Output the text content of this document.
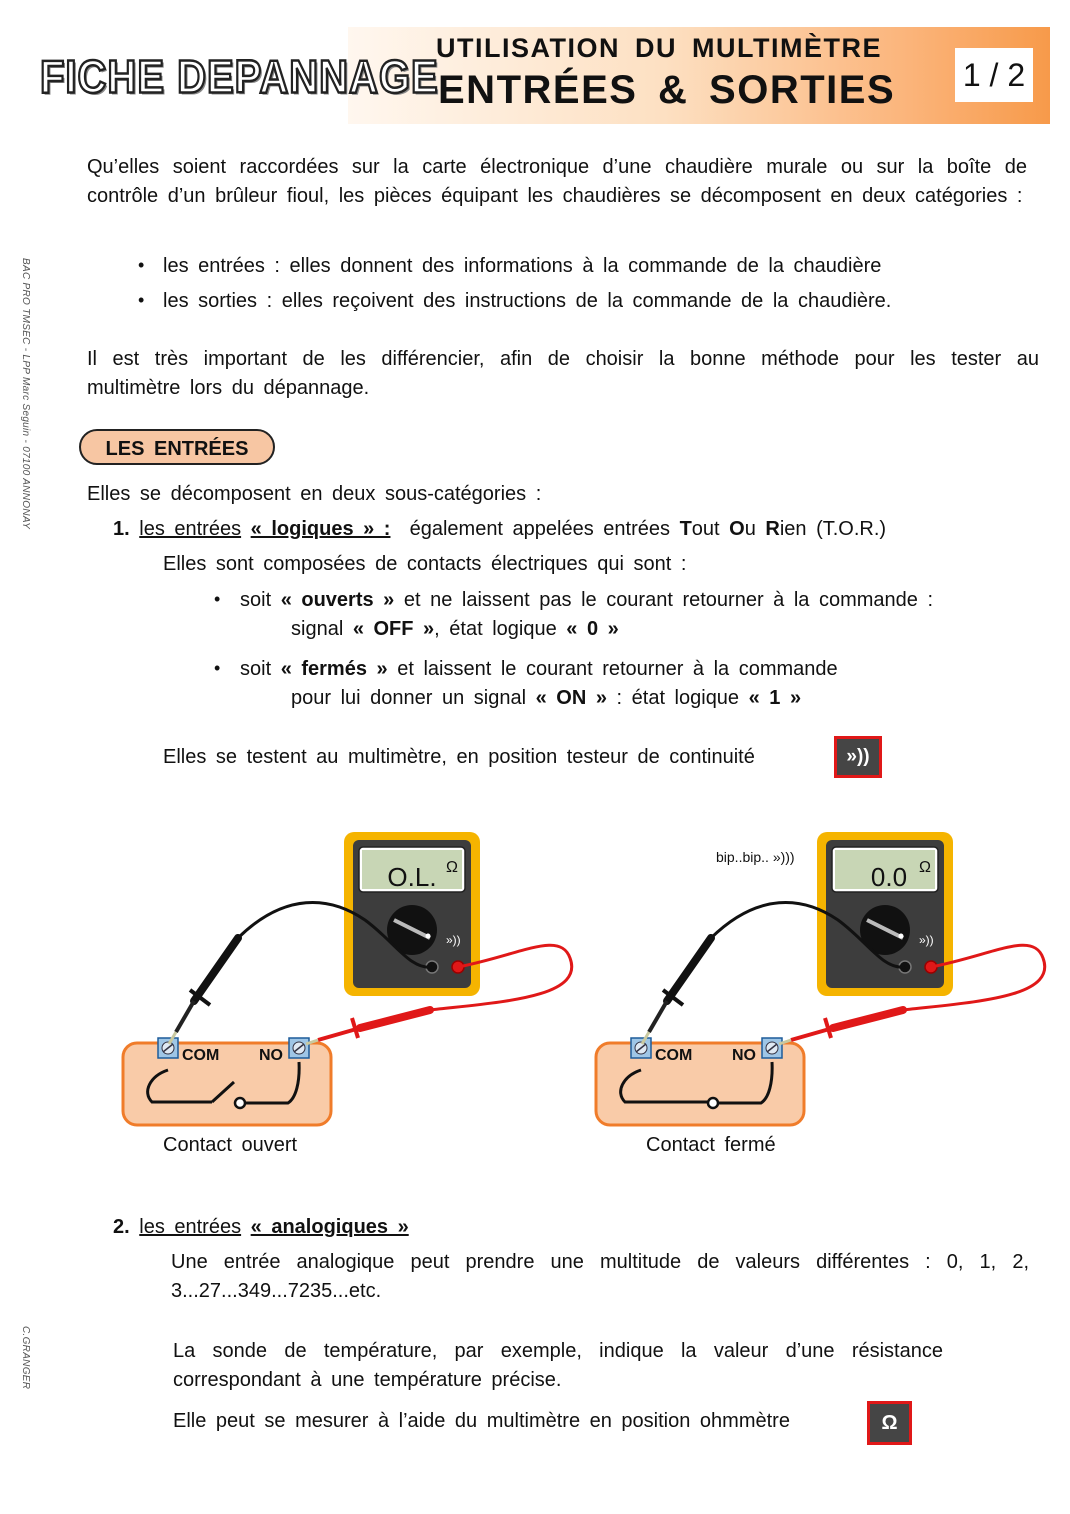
FICHE DEPANNAGE
UTILISATION DU MULTIMÈTRE
ENTRÉES & SORTIES 1 / 2
BAC PRO TMSEC - LPP Marc Seguin - 07100 ANNONAY
C.GRANGER
Qu’elles soient raccordées sur la carte électronique d’une chaudière murale ou sur la boîte de contrôle d’un brûleur fioul, les pièces équipant les chaudières se décomposent en deux catégories :
• les entrées : elles donnent des informations à la commande de la chaudière
• les sorties : elles reçoivent des instructions de la commande de la chaudière.
Il est très important de les différencier, afin de choisir la bonne méthode pour les tester au multimètre lors du dépannage.
LES ENTRÉES
Elles se décomposent en deux sous-catégories :
1. les entrées « logiques » : également appelées entrées Tout Ou Rien (T.O.R.)
Elles sont composées de contacts électriques qui sont :
• soit « ouverts » et ne laissent pas le courant retourner à la commande :
signal « OFF », état logique « 0 »
• soit « fermés » et laissent le courant retourner à la commande
pour lui donner un signal « ON » : état logique « 1 »
Elles se testent au multimètre, en position testeur de continuité	»))
O.L. Ω
»))
COM NO
bip..bip.. »)))
0.0 Ω
»))
COM NO
Contact ouvert	Contact fermé
2. les entrées « analogiques »
Une entrée analogique peut prendre une multitude de valeurs différentes : 0, 1, 2, 3...27...349...7235...etc.
La sonde de température, par exemple, indique la valeur d’une résistance correspondant à une température précise.
Elle peut se mesurer à l’aide du multimètre en position ohmmètre	Ω
